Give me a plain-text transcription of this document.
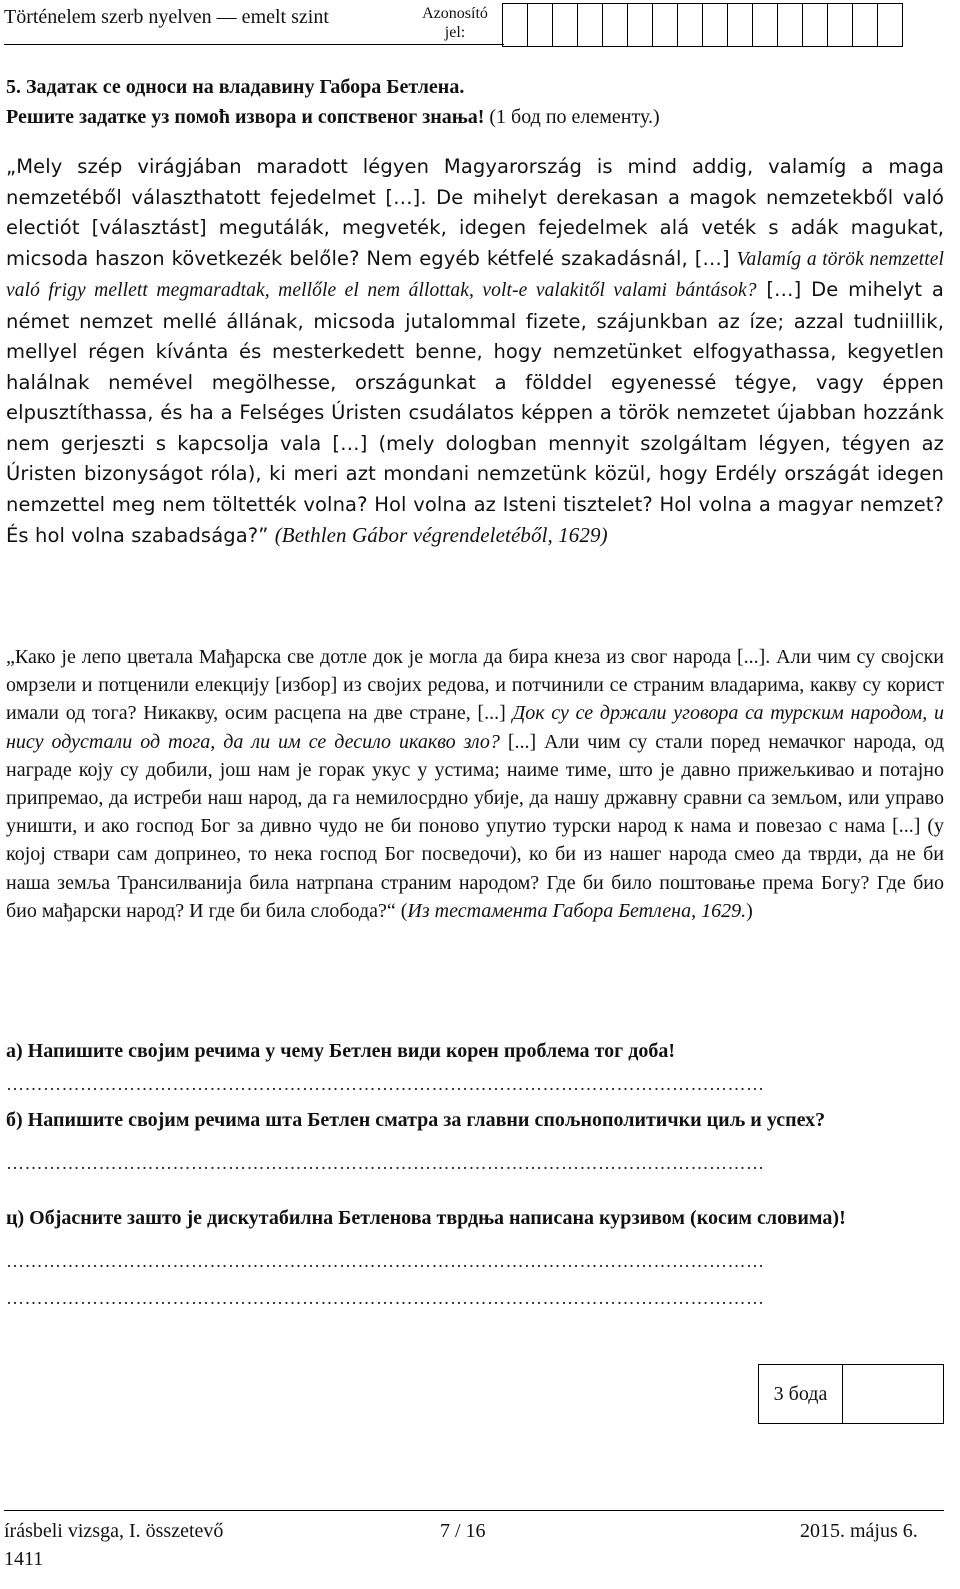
Történelem szerb nyelven — emelt szint	Azonosító
jel:
5. Задатак се односи на владавину Габора Бетлена.
Решите задатке уз помоћ извора и сопственог знања! (1 бод по елементу.)
„Mely szép virágjában maradott légyen Magyarország is mind addig, valamíg a maga nemzetéből választhatott fejedelmet […]. De mihelyt derekasan a magok nemzetekből való electiót [választást] megutálák, megveték, idegen fejedelmek alá veték s adák magukat, micsoda haszon következék belőle? Nem egyéb kétfelé szakadásnál, […] Valamíg a török nemzettel való frigy mellett megmaradtak, mellőle el nem állottak, volt-e valakitől valami bántások? […] De mihelyt a német nemzet mellé állának, micsoda jutalommal fizete, szájunkban az íze; azzal tudniillik, mellyel régen kívánta és mesterkedett benne, hogy nemzetünket elfogyathassa, kegyetlen halálnak nemével megölhesse, országunkat a földdel egyenessé tégye, vagy éppen elpusztíthassa, és ha a Felséges Úristen csudálatos képpen a török nemzetet újabban hozzánk nem gerjeszti s kapcsolja vala […] (mely dologban mennyit szolgáltam légyen, tégyen az Úristen bizonyságot róla), ki meri azt mondani nemzetünk közül, hogy Erdély országát idegen nemzettel meg nem töltették volna? Hol volna az Isteni tisztelet? Hol volna a magyar nemzet? És hol volna szabadsága?” (Bethlen Gábor végrendeletéből, 1629)
„Како је лепо цветала Мађарска све дотле док је могла да бира кнеза из свог народа [...]. Али чим су својски омрзели и потценили елекцију [избор] из својих редова, и потчинили се страним владарима, какву су корист имали од тога? Никакву, осим расцепа на две стране, [...] Док су се држали уговора са турским народом, и нису одустали од тога, да ли им се десило икакво зло? [...] Али чим су стали поред немачког народа, од награде коју су добили, још нам је горак укус у устима; наиме тиме, што је давно прижељкивао и потајно припремао, да истреби наш народ, да га немилосрдно убије, да нашу државну сравни са земљом, или управо уништи, и ако господ Бог за дивно чудо не би поново упутио турски народ к нама и повезао с нама [...] (у којој ствари сам допринео, то нека господ Бог посведочи), ко би из нашег народа смео да тврди, да не би наша земља Трансилванија била натрпана страним народом? Где би било поштовање према Богу? Где био био мађарски народ? И где би била слобода?“ (Из тестамента Габора Бетлена, 1629.)
а) Напишите својим речима у чему Бетлен види корен проблема тог доба!
……………………………………………………………………………………………………………
б) Напишите својим речима шта Бетлен сматра за главни спољнополитички циљ и успех?
……………………………………………………………………………………………………………
ц) Објасните зашто је дискутабилна Бетленова тврдња написана курзивом (косим словима)!
……………………………………………………………………………………………………………
……………………………………………………………………………………………………………
3 бода
írásbeli vizsga, I. összetevő	7 / 16	2015. május 6.
1411
